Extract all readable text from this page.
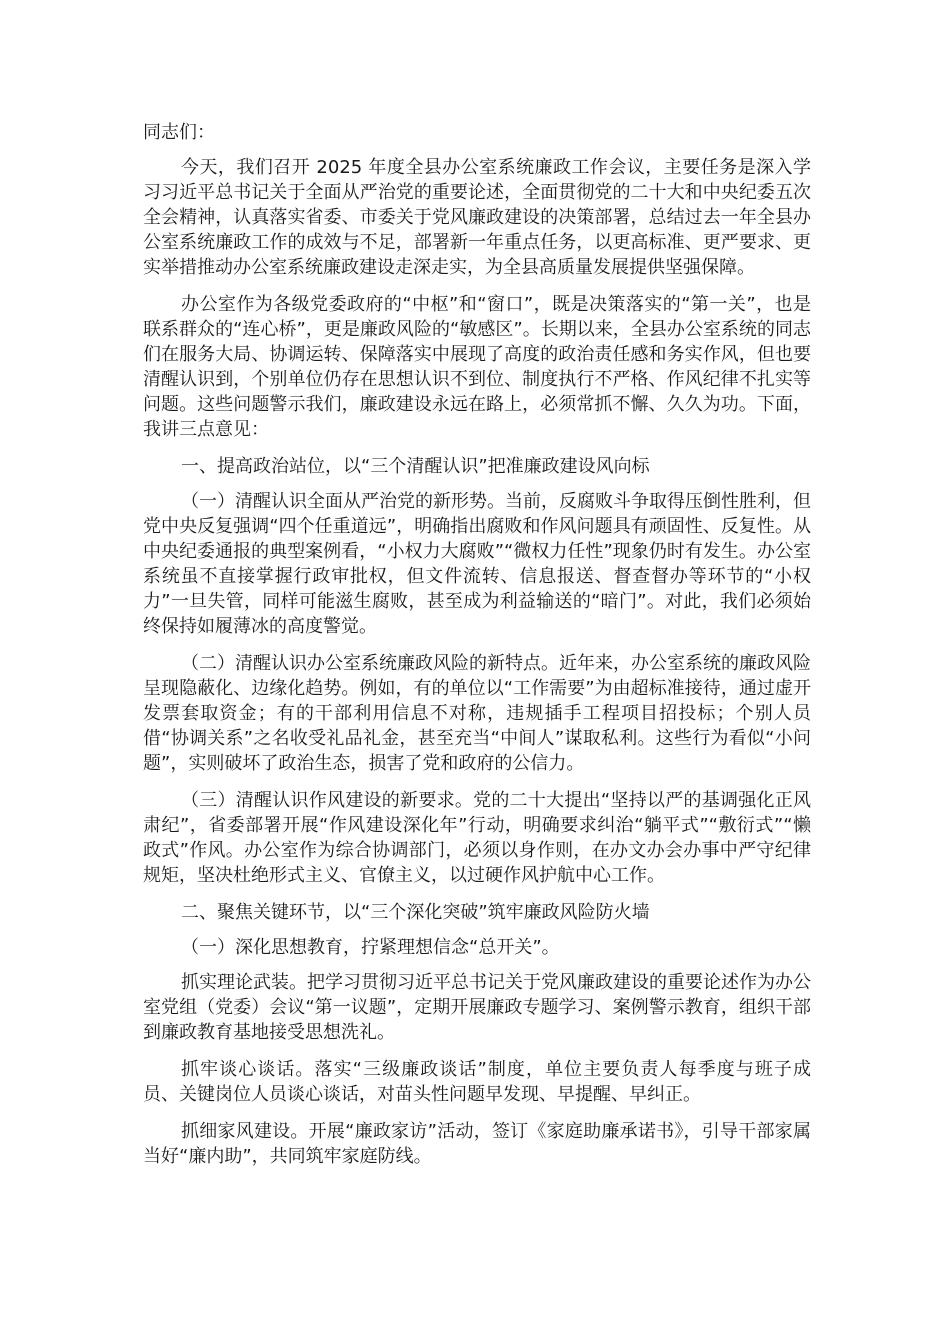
同志们：

今天，我们召开 2025 年度全县办公室系统廉政工作会议，主要任务是深入学习习近平总书记关于全面从严治党的重要论述，全面贯彻党的二十大和中央纪委五次全会精神，认真落实省委、市委关于党风廉政建设的决策部署，总结过去一年全县办公室系统廉政工作的成效与不足，部署新一年重点任务，以更高标准、更严要求、更实举措推动办公室系统廉政建设走深走实，为全县高质量发展提供坚强保障。

办公室作为各级党委政府的“中枢”和“窗口”，既是决策落实的“第一关”，也是联系群众的“连心桥”，更是廉政风险的“敏感区”。长期以来，全县办公室系统的同志们在服务大局、协调运转、保障落实中展现了高度的政治责任感和务实作风，但也要清醒认识到，个别单位仍存在思想认识不到位、制度执行不严格、作风纪律不扎实等问题。这些问题警示我们，廉政建设永远在路上，必须常抓不懈、久久为功。下面，我讲三点意见：

一、提高政治站位，以“三个清醒认识”把准廉政建设风向标

（一）清醒认识全面从严治党的新形势。当前，反腐败斗争取得压倒性胜利，但党中央反复强调“四个任重道远”，明确指出腐败和作风问题具有顽固性、反复性。从中央纪委通报的典型案例看，“小权力大腐败”“微权力任性”现象仍时有发生。办公室系统虽不直接掌握行政审批权，但文件流转、信息报送、督查督办等环节的“小权力”一旦失管，同样可能滋生腐败，甚至成为利益输送的“暗门”。对此，我们必须始终保持如履薄冰的高度警觉。

（二）清醒认识办公室系统廉政风险的新特点。近年来，办公室系统的廉政风险呈现隐蔽化、边缘化趋势。例如，有的单位以“工作需要”为由超标准接待，通过虚开发票套取资金；有的干部利用信息不对称，违规插手工程项目招投标；个别人员借“协调关系”之名收受礼品礼金，甚至充当“中间人”谋取私利。这些行为看似“小问题”，实则破坏了政治生态，损害了党和政府的公信力。

（三）清醒认识作风建设的新要求。党的二十大提出“坚持以严的基调强化正风肃纪”，省委部署开展“作风建设深化年”行动，明确要求纠治“躺平式”“敷衍式”“懒政式”作风。办公室作为综合协调部门，必须以身作则，在办文办会办事中严守纪律规矩，坚决杜绝形式主义、官僚主义，以过硬作风护航中心工作。

二、聚焦关键环节，以“三个深化突破”筑牢廉政风险防火墙

（一）深化思想教育，拧紧理想信念“总开关”。

抓实理论武装。把学习贯彻习近平总书记关于党风廉政建设的重要论述作为办公室党组（党委）会议“第一议题”，定期开展廉政专题学习、案例警示教育，组织干部到廉政教育基地接受思想洗礼。

抓牢谈心谈话。落实“三级廉政谈话”制度，单位主要负责人每季度与班子成员、关键岗位人员谈心谈话，对苗头性问题早发现、早提醒、早纠正。

抓细家风建设。开展“廉政家访”活动，签订《家庭助廉承诺书》，引导干部家属当好“廉内助”，共同筑牢家庭防线。
